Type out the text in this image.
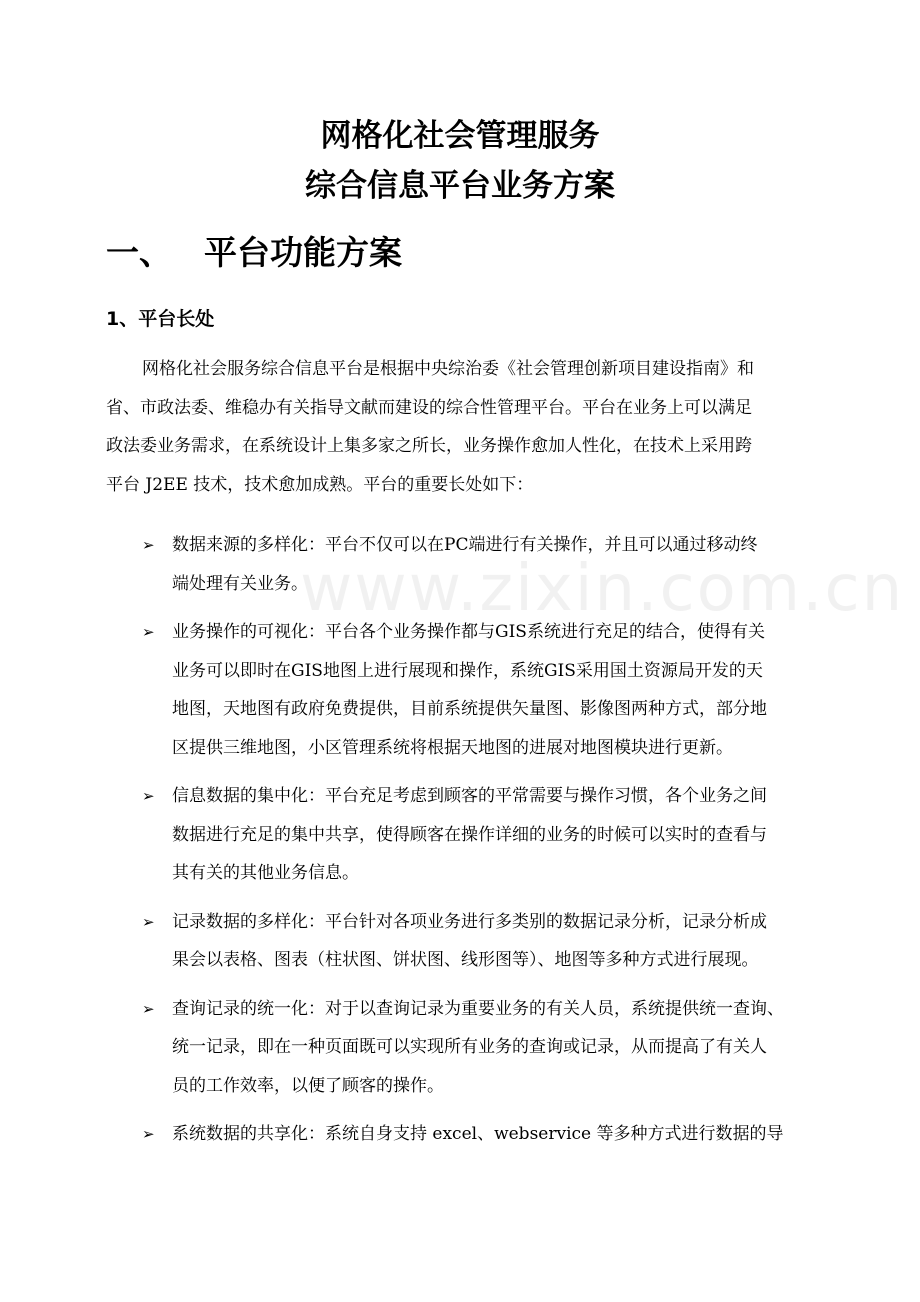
网格化社会管理服务
综合信息平台业务方案
一、 平台功能方案
1、平台长处

网格化社会服务综合信息平台是根据中央综治委《社会管理创新项目建设指南》和
省、市政法委、维稳办有关指导文献而建设的综合性管理平台。平台在业务上可以满足
政法委业务需求，在系统设计上集多家之所长，业务操作愈加人性化，在技术上采用跨
平台 J2EE 技术，技术愈加成熟。平台的重要长处如下：

➢ 数据来源的多样化：平台不仅可以在PC端进行有关操作，并且可以通过移动终
端处理有关业务。
➢ 业务操作的可视化：平台各个业务操作都与GIS系统进行充足的结合，使得有关
业务可以即时在GIS地图上进行展现和操作，系统GIS采用国土资源局开发的天
地图，天地图有政府免费提供，目前系统提供矢量图、影像图两种方式，部分地
区提供三维地图，小区管理系统将根据天地图的进展对地图模块进行更新。
➢ 信息数据的集中化：平台充足考虑到顾客的平常需要与操作习惯，各个业务之间
数据进行充足的集中共享，使得顾客在操作详细的业务的时候可以实时的查看与
其有关的其他业务信息。
➢ 记录数据的多样化：平台针对各项业务进行多类别的数据记录分析，记录分析成
果会以表格、图表（柱状图、饼状图、线形图等）、地图等多种方式进行展现。
➢ 查询记录的统一化：对于以查询记录为重要业务的有关人员，系统提供统一查询、
统一记录，即在一种页面既可以实现所有业务的查询或记录，从而提高了有关人
员的工作效率，以便了顾客的操作。
➢ 系统数据的共享化：系统自身支持 excel、webservice 等多种方式进行数据的导
www.zixin.com.cn
